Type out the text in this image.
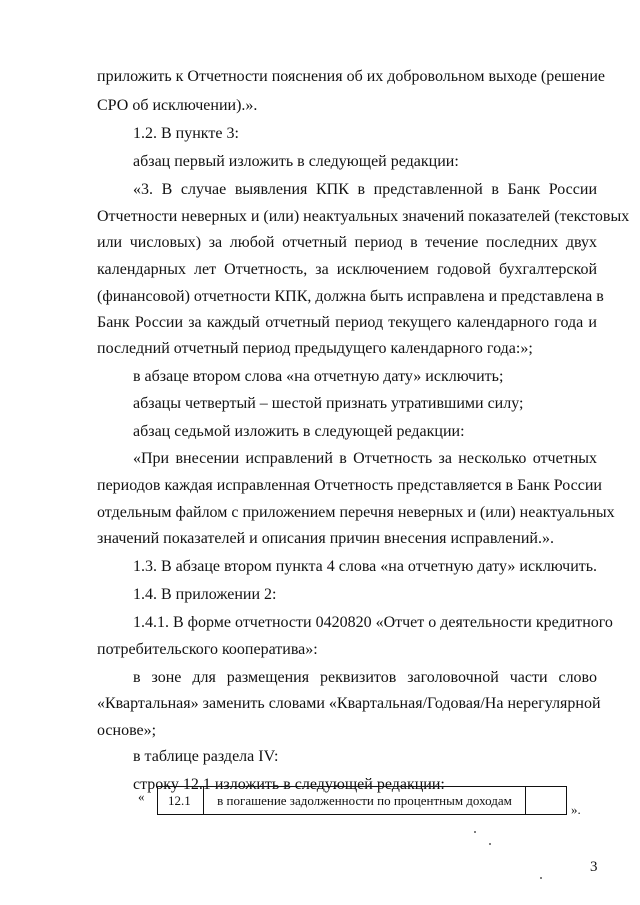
приложить к Отчетности пояснения об их добровольном выходе (решение
СРО об исключении).».
1.2. В пункте 3:
абзац первый изложить в следующей редакции:
«3. В случае выявления КПК в представленной в Банк России
Отчетности неверных и (или) неактуальных значений показателей (текстовых
или числовых) за любой отчетный период в течение последних двух
календарных лет Отчетность, за исключением годовой бухгалтерской
(финансовой) отчетности КПК, должна быть исправлена и представлена в
Банк России за каждый отчетный период текущего календарного года и
последний отчетный период предыдущего календарного года:»;
в абзаце втором слова «на отчетную дату» исключить;
абзацы четвертый – шестой признать утратившими силу;
абзац седьмой изложить в следующей редакции:
«При внесении исправлений в Отчетность за несколько отчетных
периодов каждая исправленная Отчетность представляется в Банк России
отдельным файлом с приложением перечня неверных и (или) неактуальных
значений показателей и описания причин внесения исправлений.».
1.3. В абзаце втором пункта 4 слова «на отчетную дату» исключить.
1.4. В приложении 2:
1.4.1. В форме отчетности 0420820 «Отчет о деятельности кредитного
потребительского кооператива»:
в зоне для размещения реквизитов заголовочной части слово
«Квартальная» заменить словами «Квартальная/Годовая/На нерегулярной
основе»;
в таблице раздела IV:
строку 12.1 изложить в следующей редакции:
«	12.1	в погашение задолженности по процентным доходам
».
3
